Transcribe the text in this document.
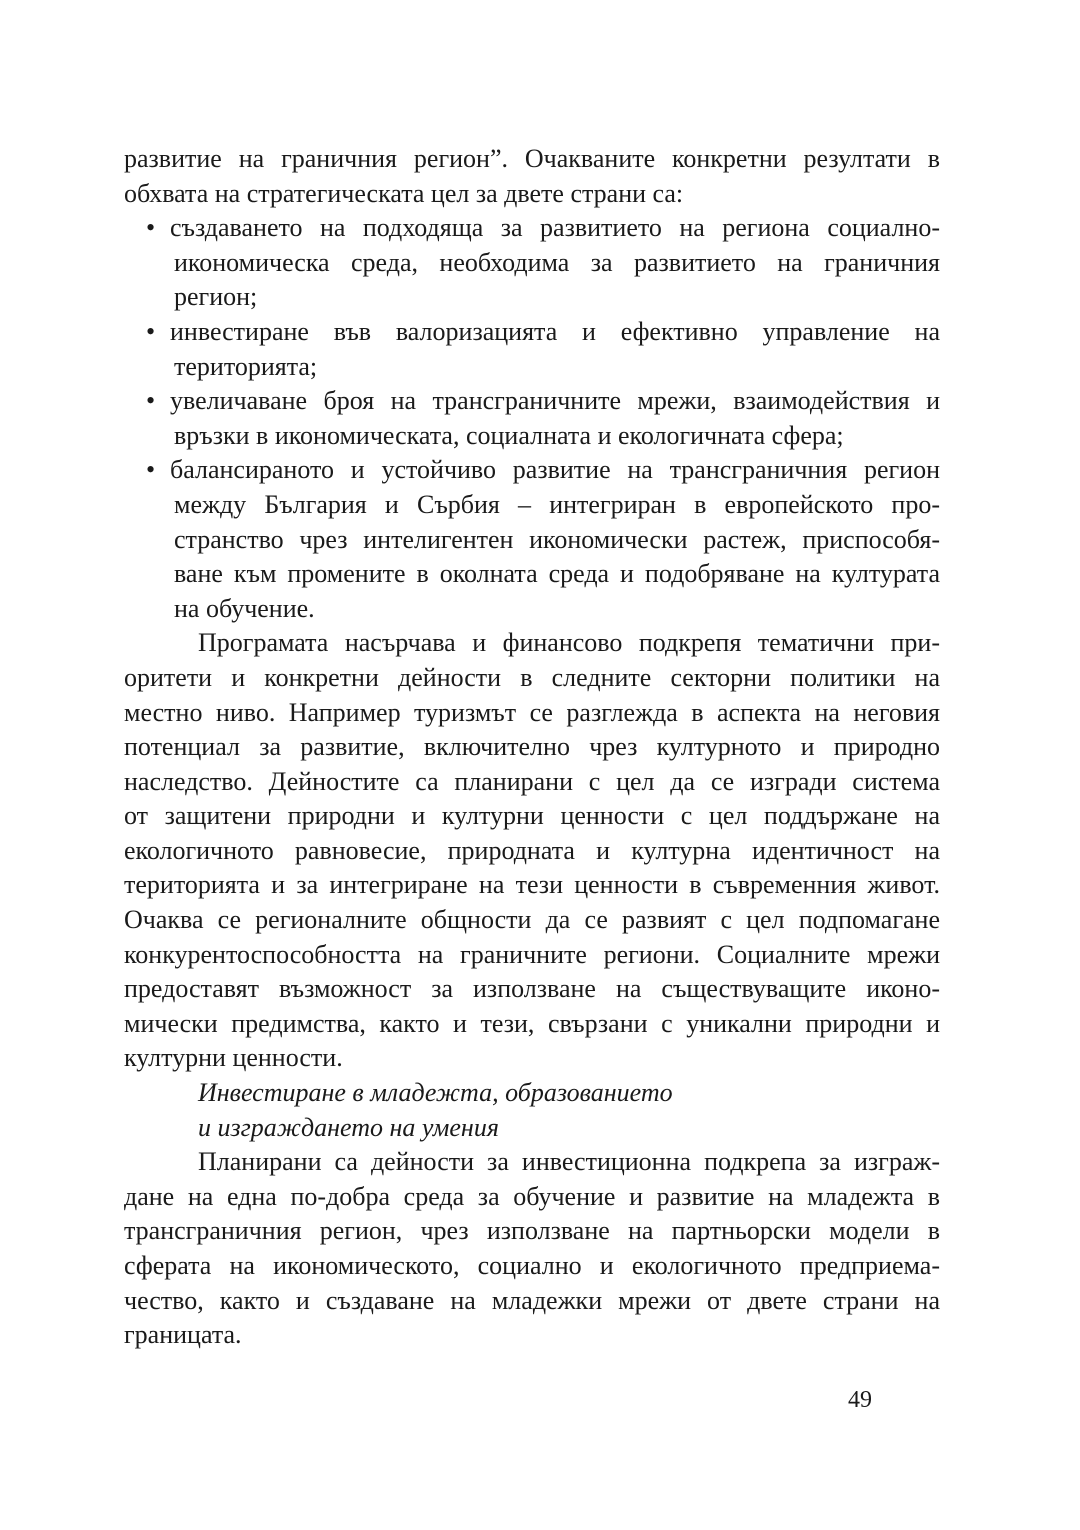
развитие на граничния регион”. Очакваните конкретни резултати в
обхвата на стратегическата цел за двете страни са:
• създаването на подходяща за развитието на региона социално-
икономическа среда, необходима за развитието на граничния
регион;
• инвестиране във валоризацията и ефективно управление на
територията;
• увеличаване броя на трансграничните мрежи, взаимодействия и
връзки в икономическата, социалната и екологичната сфера;
• балансираното и устойчиво развитие на трансграничния регион
между България и Сърбия – интегриран в европейското про-
странство чрез интелигентен икономически растеж, приспособя-
ване към промените в околната среда и подобряване на културата
на обучение.
Програмата насърчава и финансово подкрепя тематични при-
оритети и конкретни дейности в следните секторни политики на
местно ниво. Например туризмът се разглежда в аспекта на неговия
потенциал за развитие, включително чрез културното и природно
наследство. Дейностите са планирани с цел да се изгради система
от защитени природни и културни ценности с цел поддържане на
екологичното равновесие, природната и културна идентичност на
територията и за интегриране на тези ценности в съвременния живот.
Очаква се регионалните общности да се развият с цел подпомагане
конкурентоспособността на граничните региони. Социалните мрежи
предоставят възможност за използване на съществуващите иконо-
мически предимства, както и тези, свързани с уникални природни и
културни ценности.
Инвестиране в младежта, образованието
и изграждането на умения
Планирани са дейности за инвестиционна подкрепа за изграж-
дане на една по-добра среда за обучение и развитие на младежта в
трансграничния регион, чрез използване на партньорски модели в
сферата на икономическото, социално и екологичното предприема-
чество, както и създаване на младежки мрежи от двете страни на
границата.
49
